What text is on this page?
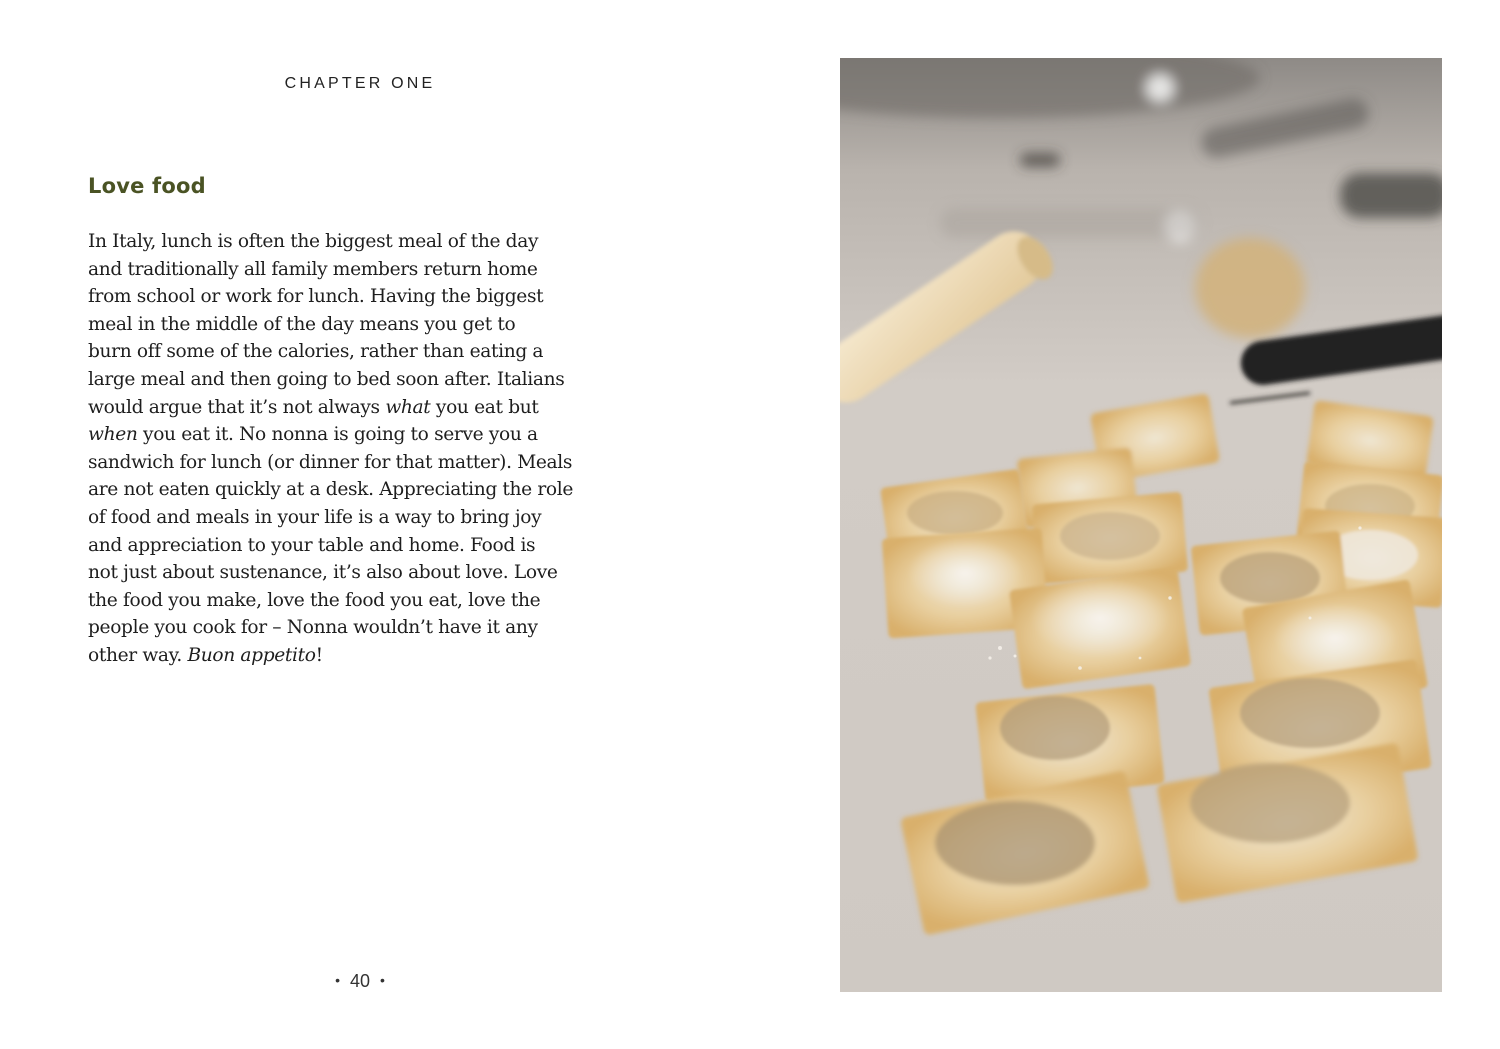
CHAPTER ONE
Love food
In Italy, lunch is often the biggest meal of the day
and traditionally all family members return home
from school or work for lunch. Having the biggest
meal in the middle of the day means you get to
burn off some of the calories, rather than eating a
large meal and then going to bed soon after. Italians
would argue that it’s not always what you eat but
when you eat it. No nonna is going to serve you a
sandwich for lunch (or dinner for that matter). Meals
are not eaten quickly at a desk. Appreciating the role
of food and meals in your life is a way to bring joy
and appreciation to your table and home. Food is
not just about sustenance, it’s also about love. Love
the food you make, love the food you eat, love the
people you cook for – Nonna wouldn’t have it any
other way. Buon appetito!
• 40 •
